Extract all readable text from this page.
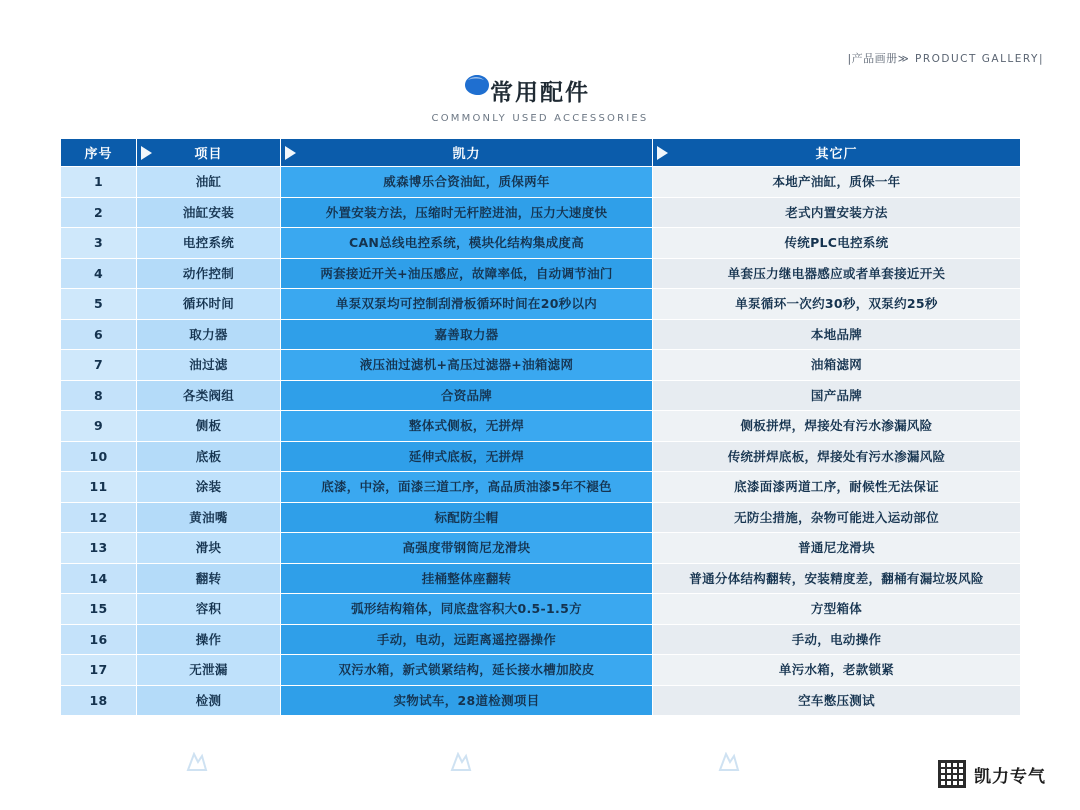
|产品画册≫ PRODUCT GALLERY|
常用配件
COMMONLY USED ACCESSORIES
序号	项目	凯力	其它厂
1	油缸	威森博乐合资油缸，质保两年	本地产油缸，质保一年
2	油缸安装	外置安装方法，压缩时无杆腔进油，压力大速度快	老式内置安装方法
3	电控系统	CAN总线电控系统，模块化结构集成度高	传统PLC电控系统
4	动作控制	两套接近开关+油压感应，故障率低，自动调节油门	单套压力继电器感应或者单套接近开关
5	循环时间	单泵双泵均可控制刮滑板循环时间在20秒以内	单泵循环一次约30秒，双泵约25秒
6	取力器	嘉善取力器	本地品牌
7	油过滤	液压油过滤机+高压过滤器+油箱滤网	油箱滤网
8	各类阀组	合资品牌	国产品牌
9	侧板	整体式侧板，无拼焊	侧板拼焊，焊接处有污水渗漏风险
10	底板	延伸式底板，无拼焊	传统拼焊底板，焊接处有污水渗漏风险
11	涂装	底漆，中涂，面漆三道工序，高品质油漆5年不褪色	底漆面漆两道工序，耐候性无法保证
12	黄油嘴	标配防尘帽	无防尘措施，杂物可能进入运动部位
13	滑块	高强度带钢筒尼龙滑块	普通尼龙滑块
14	翻转	挂桶整体座翻转	普通分体结构翻转，安装精度差，翻桶有漏垃圾风险
15	容积	弧形结构箱体，同底盘容积大0.5-1.5方	方型箱体
16	操作	手动，电动，远距离遥控器操作	手动，电动操作
17	无泄漏	双污水箱，新式锁紧结构，延长接水槽加胶皮	单污水箱，老款锁紧
18	检测	实物试车，28道检测项目	空车憋压测试
凯力专气
